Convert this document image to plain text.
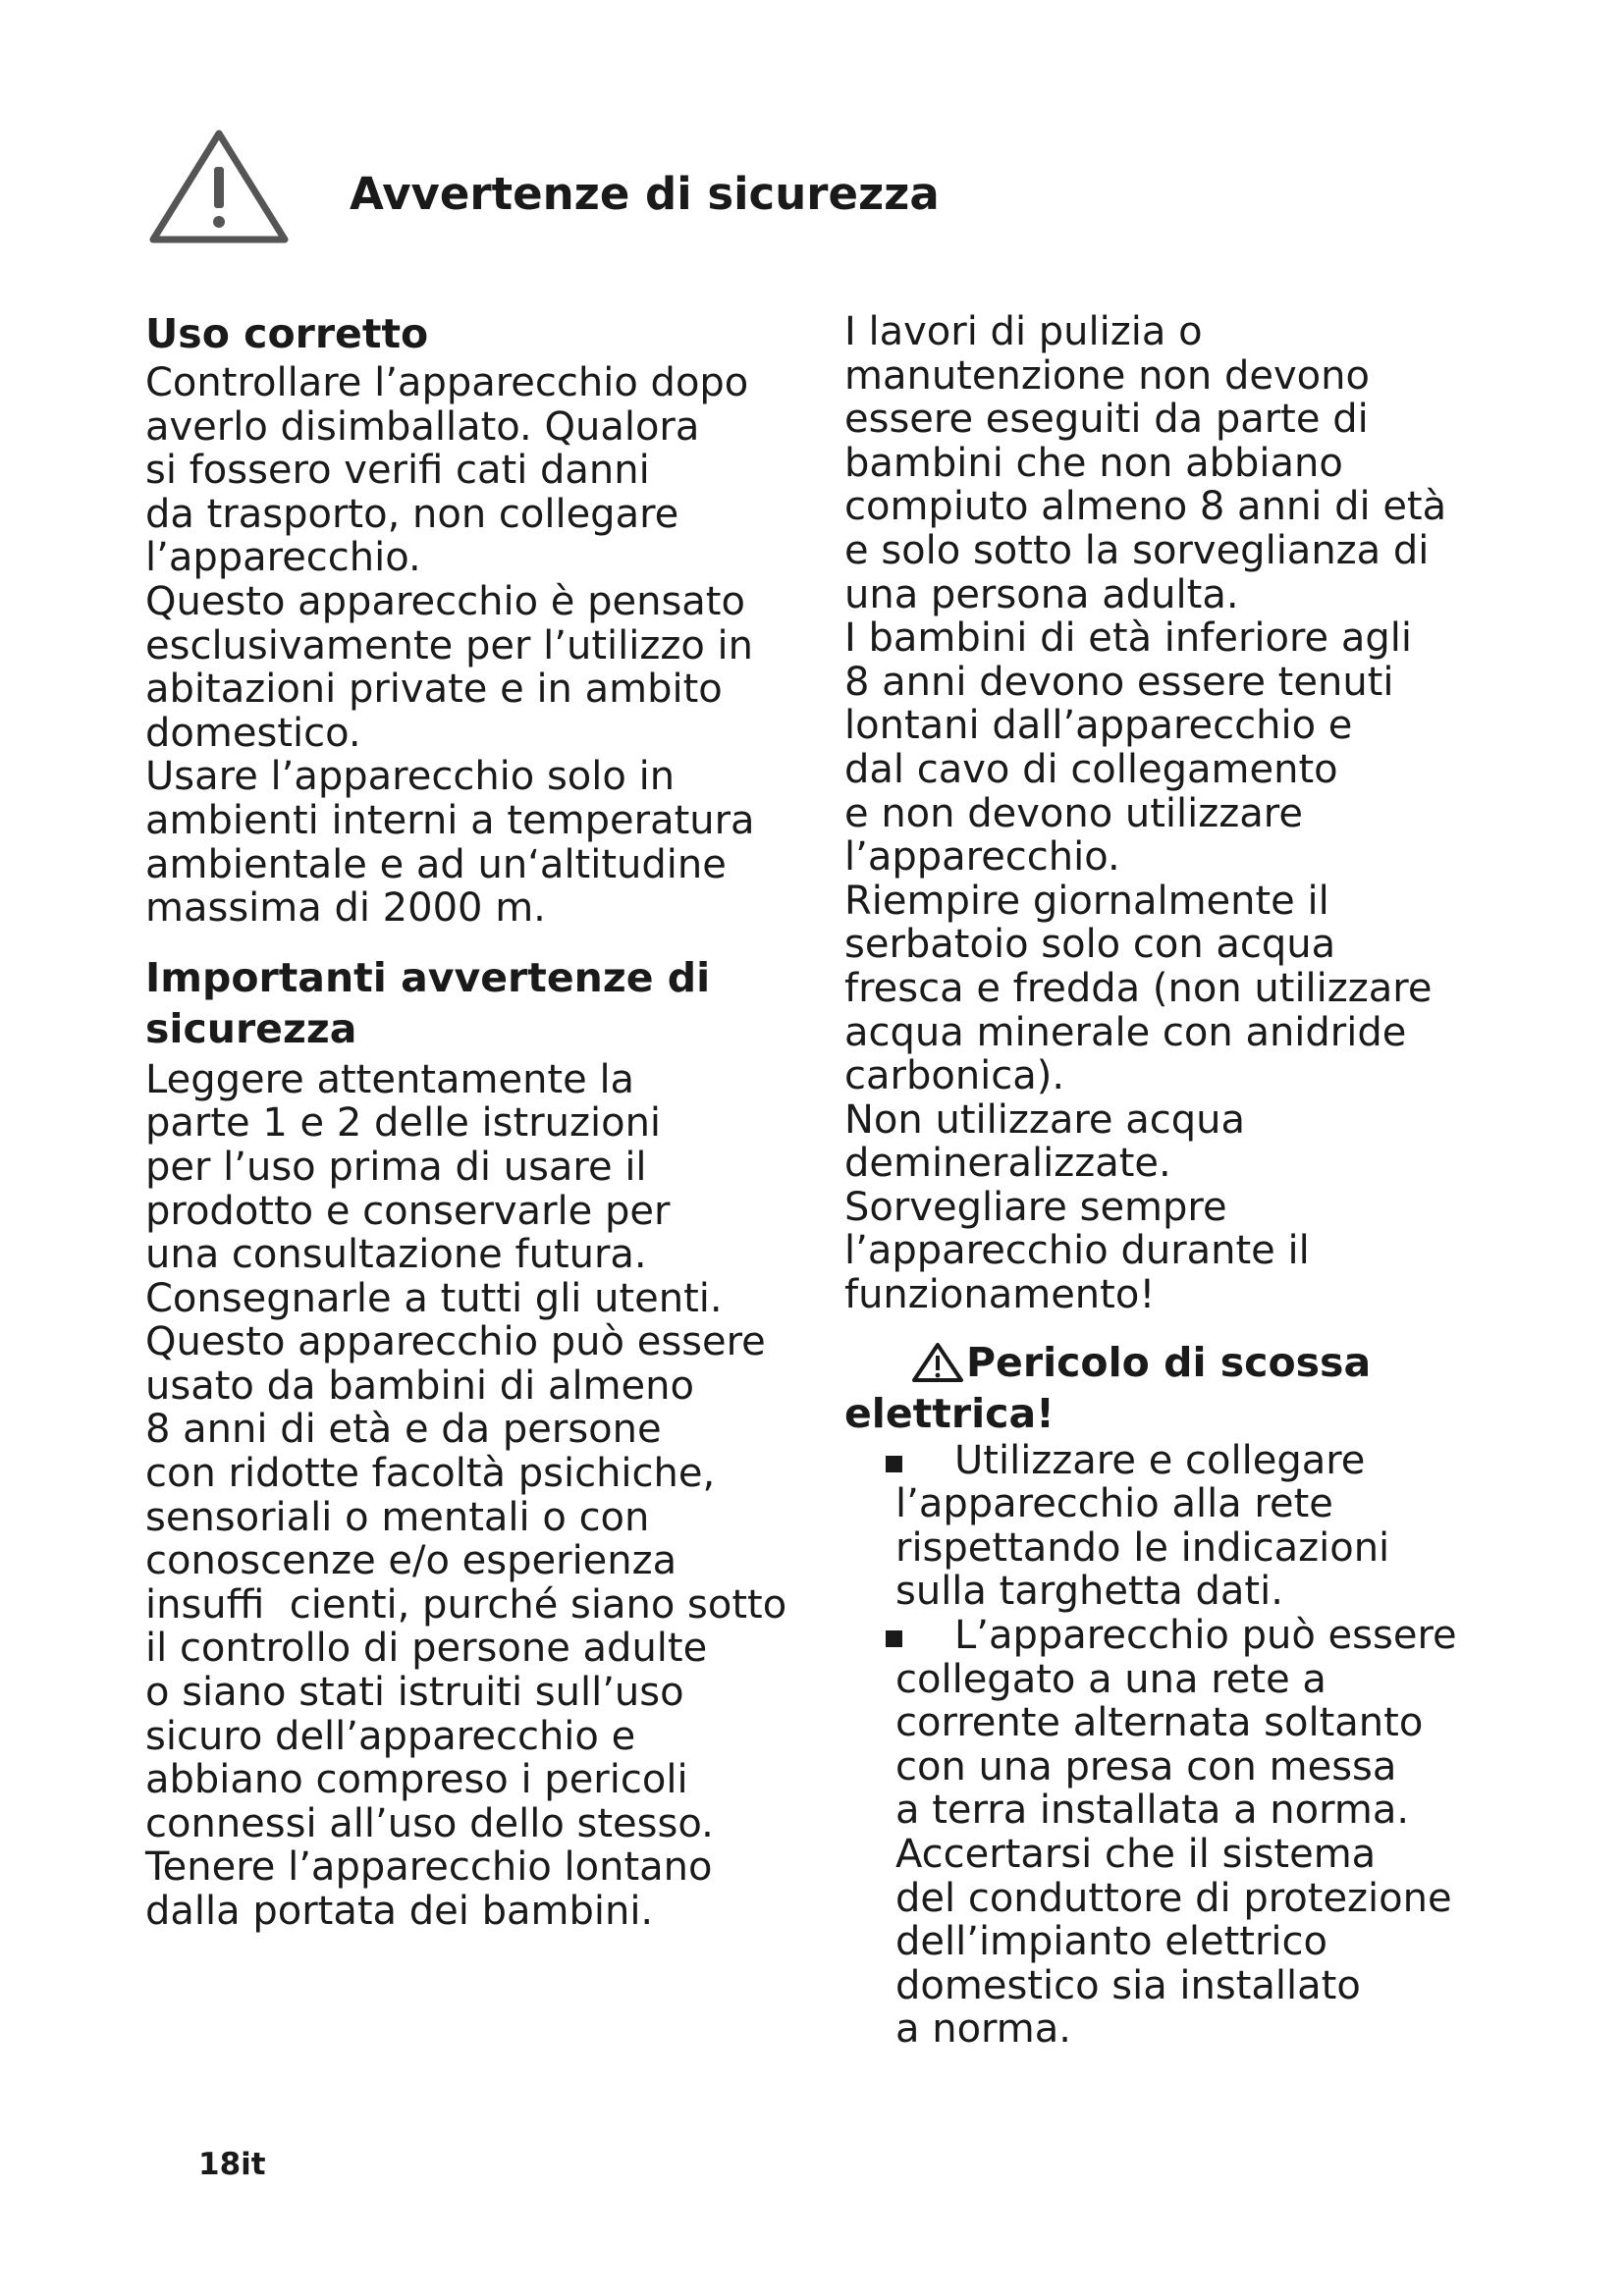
Avvertenze di sicurezza
Uso corretto
Controllare l’apparecchio dopo
averlo disimballato. Qualora
si fossero verifi cati danni
da trasporto, non collegare
l’apparecchio.
Questo apparecchio è pensato
esclusivamente per l’utilizzo in
abitazioni private e in ambito
domestico.
Usare l’apparecchio solo in
ambienti interni a temperatura
ambientale e ad un‘altitudine
massima di 2000 m.
Importanti avvertenze di
sicurezza
Leggere attentamente la
parte 1 e 2 delle istruzioni
per l’uso prima di usare il
prodotto e conservarle per
una consultazione futura.
Consegnarle a tutti gli utenti.
Questo apparecchio può essere
usato da bambini di almeno
8 anni di età e da persone
con ridotte facoltà psichiche,
sensoriali o mentali o con
conoscenze e/o esperienza
insuffi  cienti, purché siano sotto
il controllo di persone adulte
o siano stati istruiti sull’uso
sicuro dell’apparecchio e
abbiano compreso i pericoli
connessi all’uso dello stesso.
Tenere l’apparecchio lontano
dalla portata dei bambini.
I lavori di pulizia o
manutenzione non devono
essere eseguiti da parte di
bambini che non abbiano
compiuto almeno 8 anni di età
e solo sotto la sorveglianza di
una persona adulta.
I bambini di età inferiore agli
8 anni devono essere tenuti
lontani dall’apparecchio e
dal cavo di collegamento
e non devono utilizzare
l’apparecchio.
Riempire giornalmente il
serbatoio solo con acqua
fresca e fredda (non utilizzare
acqua minerale con anidride
carbonica).
Non utilizzare acqua
demineralizzate.
Sorvegliare sempre
l’apparecchio durante il
funzionamento!
Pericolo di scossa
elettrica!
Utilizzare e collegare
l’apparecchio alla rete
rispettando le indicazioni
sulla targhetta dati.
L’apparecchio può essere
collegato a una rete a
corrente alternata soltanto
con una presa con messa
a terra installata a norma.
Accertarsi che il sistema
del conduttore di protezione
dell’impianto elettrico
domestico sia installato
a norma.
18it
